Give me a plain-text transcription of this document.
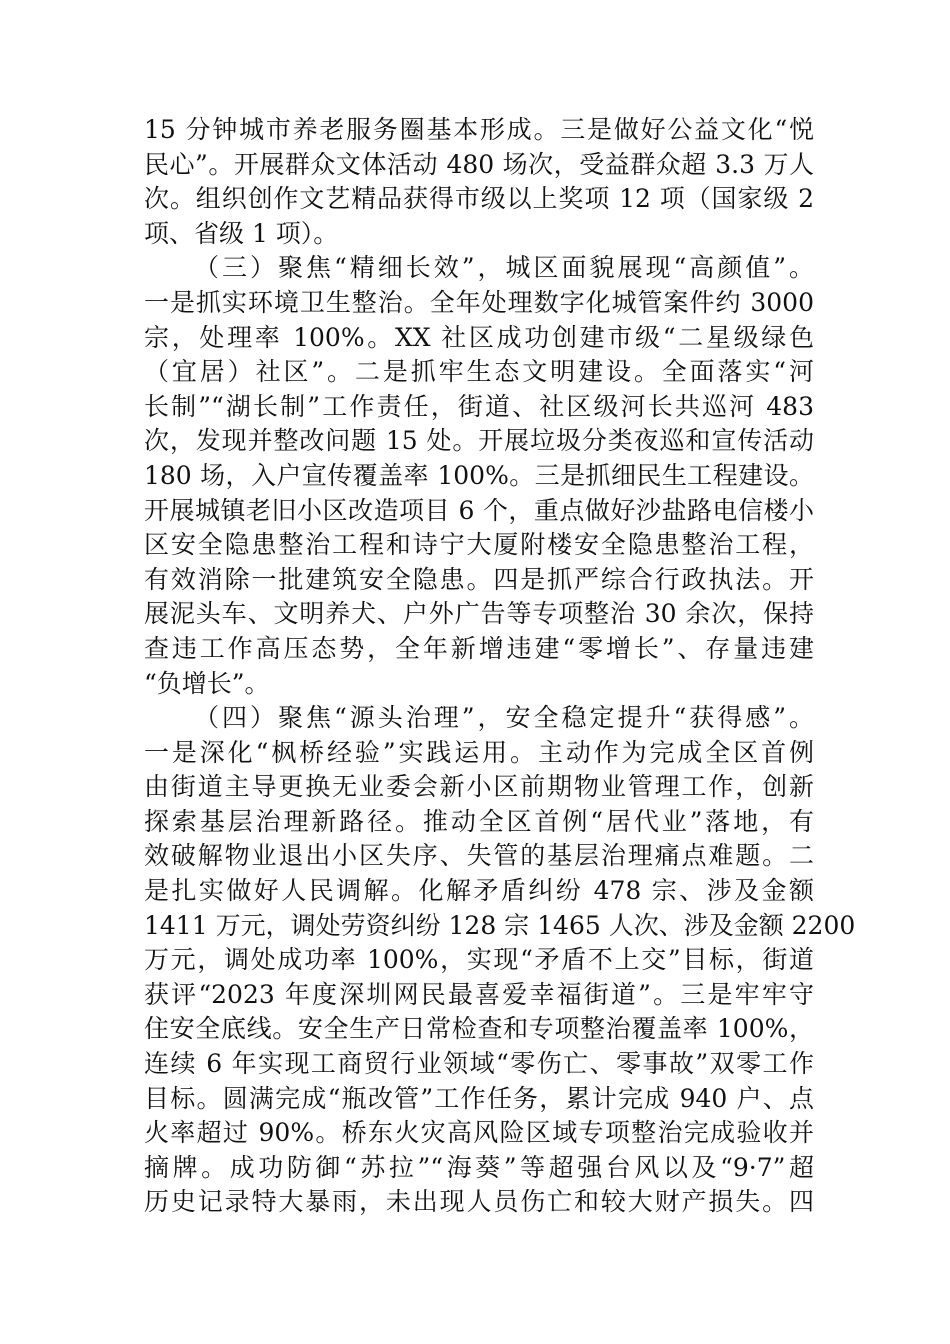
15 分钟城市养老服务圈基本形成。三是做好公益文化“悦
民心”。开展群众文体活动 480 场次，受益群众超 3.3 万人
次。组织创作文艺精品获得市级以上奖项 12 项（国家级 2
项、省级 1 项）。
（三）聚焦“精细长效”，城区面貌展现“高颜值”。
一是抓实环境卫生整治。全年处理数字化城管案件约 3000
宗，处理率 100%。XX 社区成功创建市级“二星级绿色
（宜居）社区”。二是抓牢生态文明建设。全面落实“河
长制”“湖长制”工作责任，街道、社区级河长共巡河 483
次，发现并整改问题 15 处。开展垃圾分类夜巡和宣传活动
180 场，入户宣传覆盖率 100%。三是抓细民生工程建设。
开展城镇老旧小区改造项目 6 个，重点做好沙盐路电信楼小
区安全隐患整治工程和诗宁大厦附楼安全隐患整治工程，
有效消除一批建筑安全隐患。四是抓严综合行政执法。开
展泥头车、文明养犬、户外广告等专项整治 30 余次，保持
查违工作高压态势，全年新增违建“零增长”、存量违建
“负增长”。
（四）聚焦“源头治理”，安全稳定提升“获得感”。
一是深化“枫桥经验”实践运用。主动作为完成全区首例
由街道主导更换无业委会新小区前期物业管理工作，创新
探索基层治理新路径。推动全区首例“居代业”落地，有
效破解物业退出小区失序、失管的基层治理痛点难题。二
是扎实做好人民调解。化解矛盾纠纷 478 宗、涉及金额
1411 万元，调处劳资纠纷 128 宗 1465 人次、涉及金额 2200
万元，调处成功率 100%，实现“矛盾不上交”目标，街道
获评“2023 年度深圳网民最喜爱幸福街道”。三是牢牢守
住安全底线。安全生产日常检查和专项整治覆盖率 100%，
连续 6 年实现工商贸行业领域“零伤亡、零事故”双零工作
目标。圆满完成“瓶改管”工作任务，累计完成 940 户、点
火率超过 90%。桥东火灾高风险区域专项整治完成验收并
摘牌。成功防御“苏拉”“海葵”等超强台风以及“9·7”超
历史记录特大暴雨，未出现人员伤亡和较大财产损失。四
